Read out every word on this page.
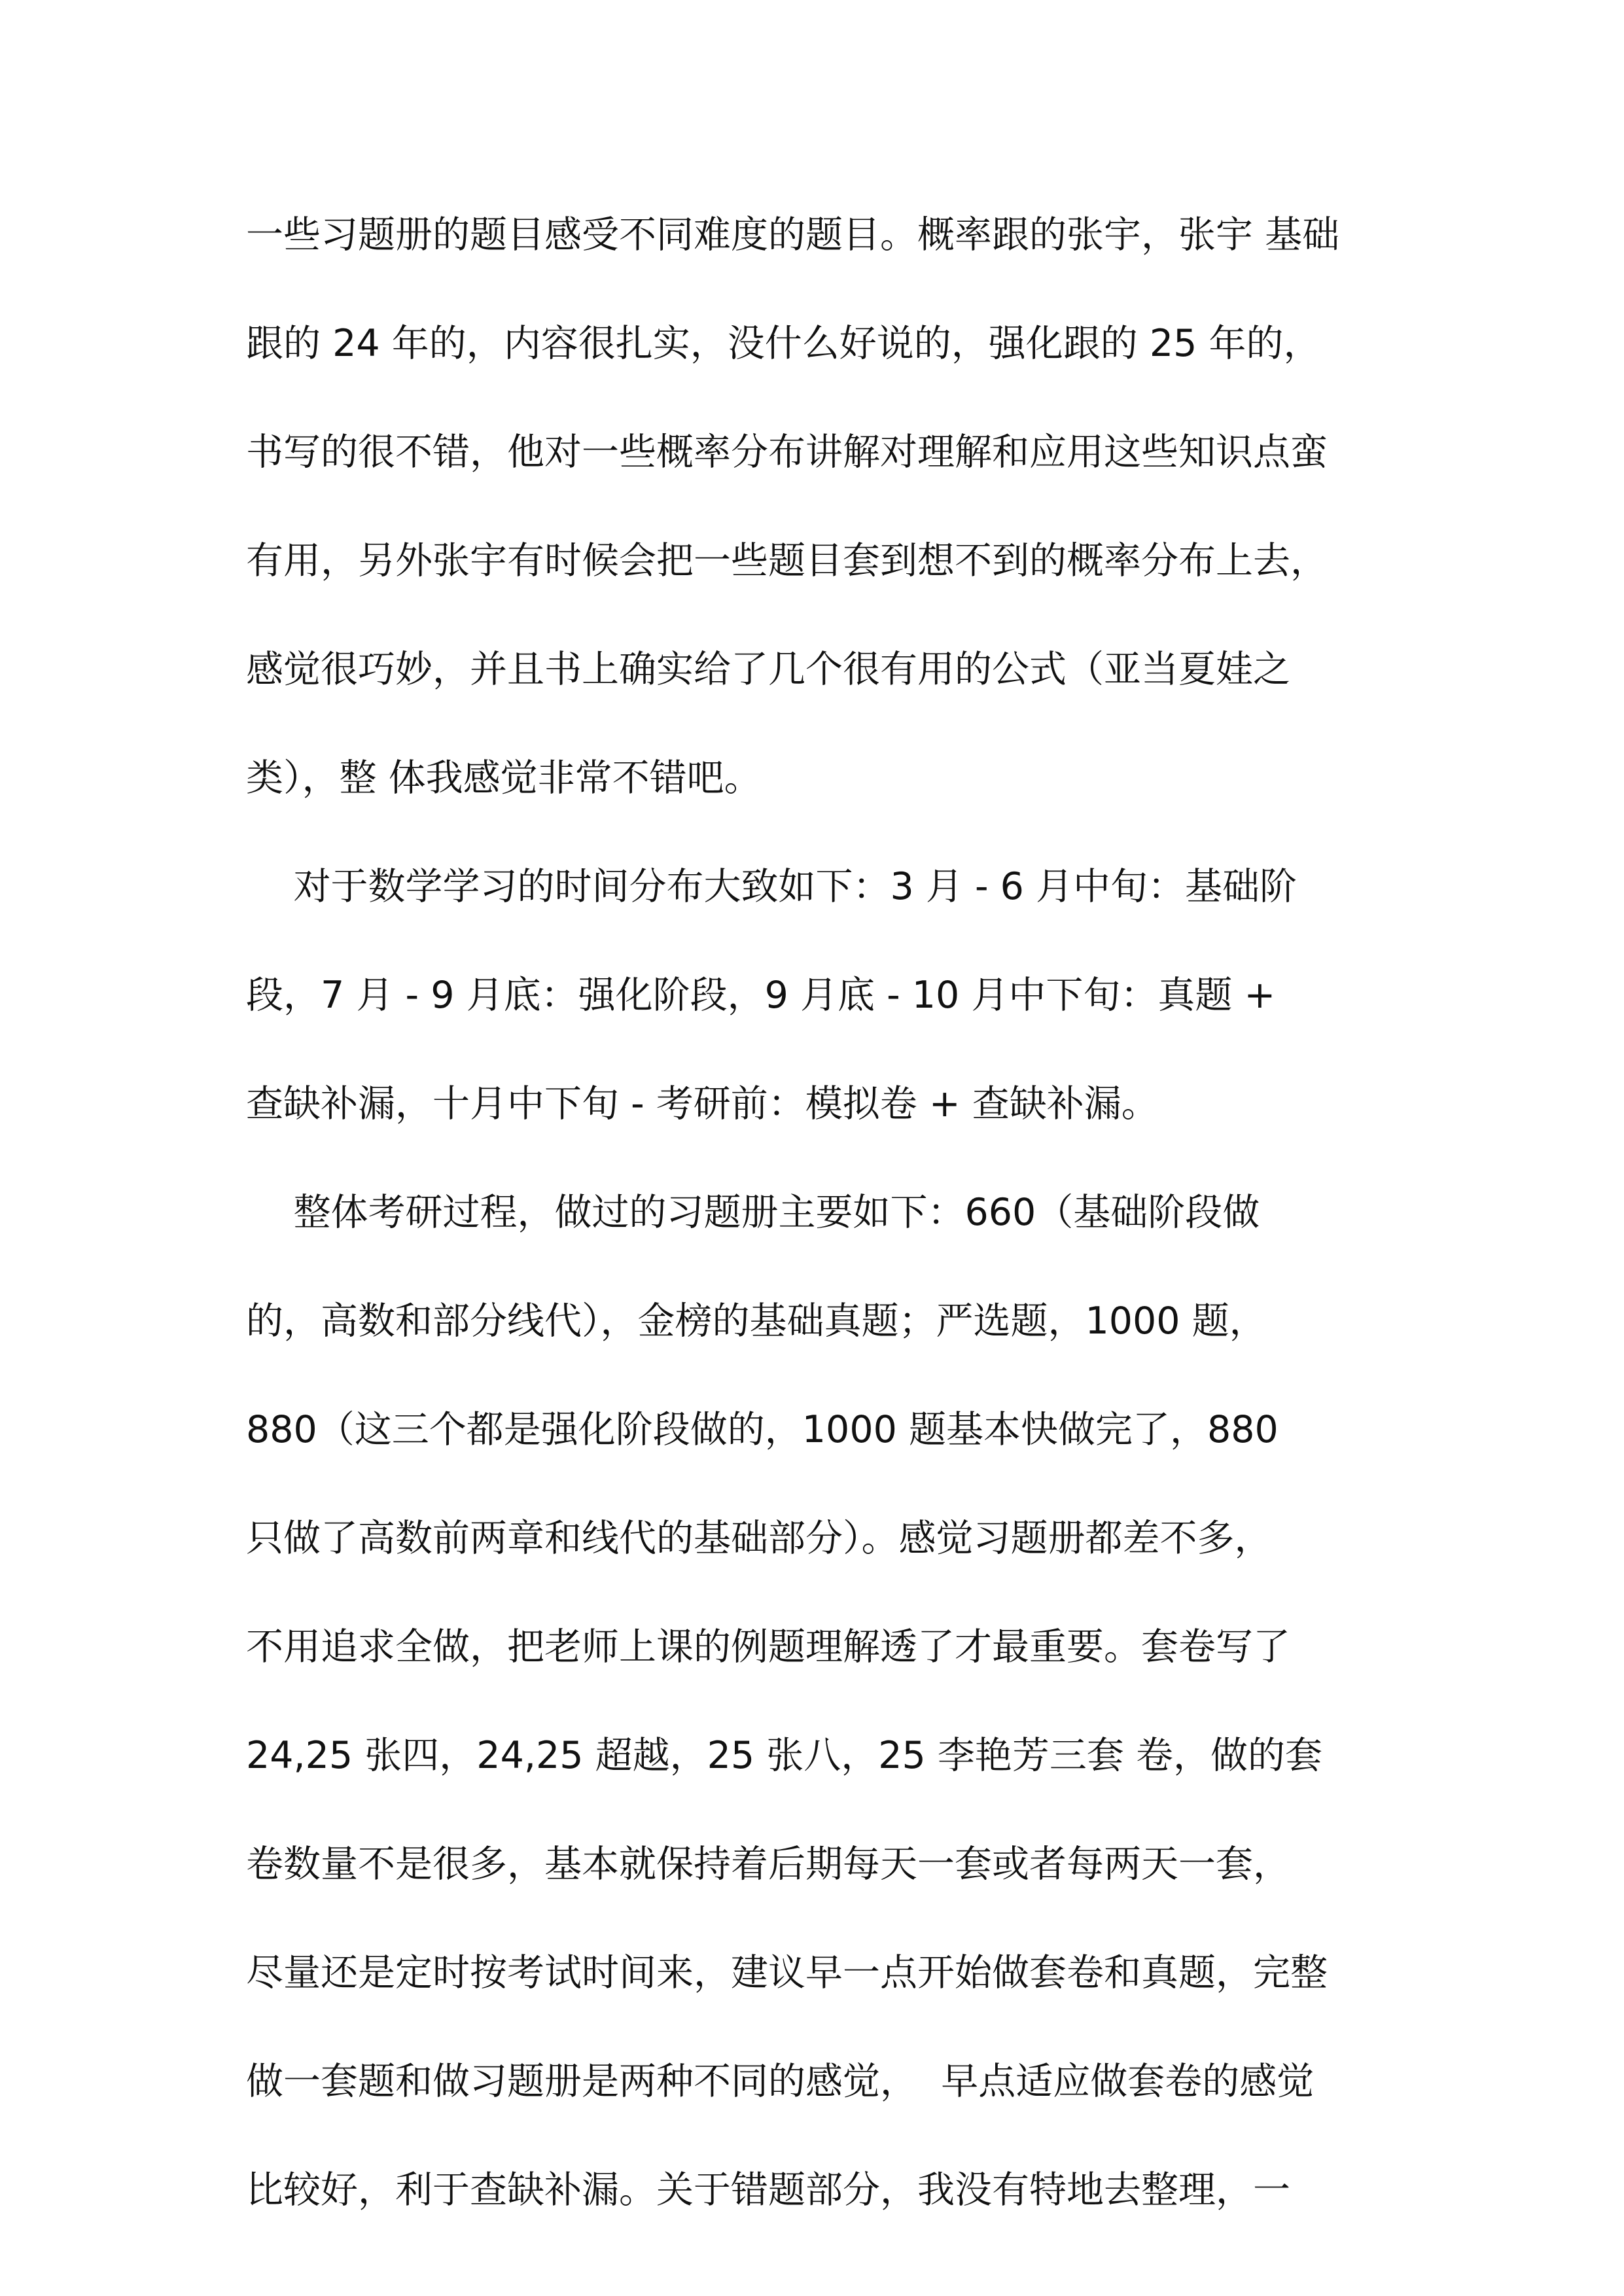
一些习题册的题目感受不同难度的题目。概率跟的张宇，张宇 基础
跟的 24 年的，内容很扎实，没什么好说的，强化跟的 25 年的，
书写的很不错，他对一些概率分布讲解对理解和应用这些知识点蛮
有用，另外张宇有时候会把一些题目套到想不到的概率分布上去，
感觉很巧妙，并且书上确实给了几个很有用的公式（亚当夏娃之
类），整 体我感觉非常不错吧。
对于数学学习的时间分布大致如下：3 月 - 6 月中旬：基础阶
段，7 月 - 9 月底：强化阶段，9 月底 - 10 月中下旬：真题 +
查缺补漏，十月中下旬 - 考研前：模拟卷 + 查缺补漏。
整体考研过程，做过的习题册主要如下：660（基础阶段做
的，高数和部分线代），金榜的基础真题；严选题，1000 题，
880（这三个都是强化阶段做的，1000 题基本快做完了，880
只做了高数前两章和线代的基础部分）。感觉习题册都差不多，
不用追求全做，把老师上课的例题理解透了才最重要。套卷写了
24,25 张四，24,25 超越，25 张八，25 李艳芳三套 卷，做的套
卷数量不是很多，基本就保持着后期每天一套或者每两天一套，
尽量还是定时按考试时间来，建议早一点开始做套卷和真题，完整
做一套题和做习题册是两种不同的感觉，  早点适应做套卷的感觉
比较好，利于查缺补漏。关于错题部分，我没有特地去整理，一
